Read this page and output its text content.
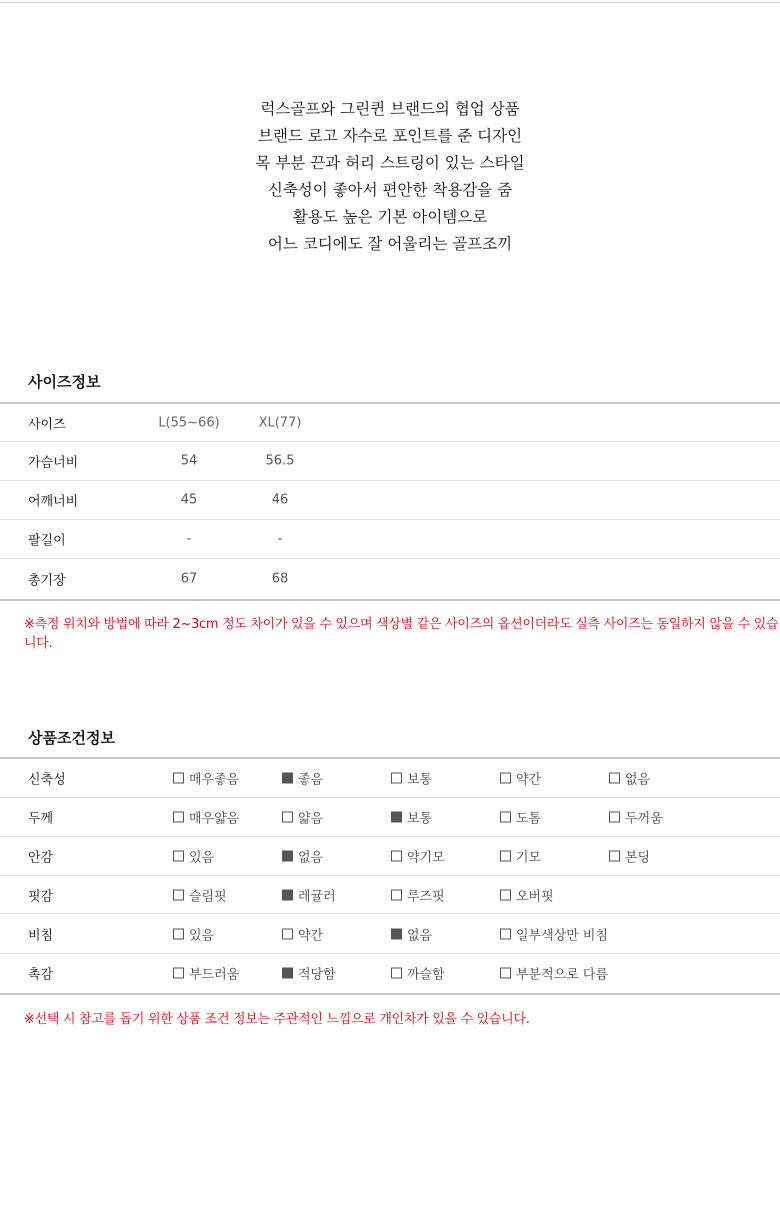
럭스골프와 그린퀸 브랜드의 협업 상품
브랜드 로고 자수로 포인트를 준 디자인
목 부분 끈과 허리 스트링이 있는 스타일
신축성이 좋아서 편안한 착용감을 줌
활용도 높은 기본 아이템으로
어느 코디에도 잘 어울리는 골프조끼
사이즈정보
사이즈	L(55~66)	XL(77)
가슴너비	54	56.5
어깨너비	45	46
팔길이	-	-
총기장	67	68
※측정 위치와 방법에 따라 2~3cm 정도 차이가 있을 수 있으며 색상별 같은 사이즈의 옵션이더라도 실측 사이즈는 동일하지 않을 수 있습니다.
상품조건정보
신축성	매우좋음	좋음	보통	약간	없음
두께	매우얇음	얇음	보통	도톰	두꺼움
안감	있음	없음	약기모	기모	본딩
핏감	슬림핏	레귤러	루즈핏	오버핏
비침	있음	약간	없음	일부색상만 비침
촉감	부드러움	적당함	까슬함	부분적으로 다름
※선택 시 참고를 돕기 위한 상품 조건 정보는 주관적인 느낌으로 개인차가 있을 수 있습니다.
